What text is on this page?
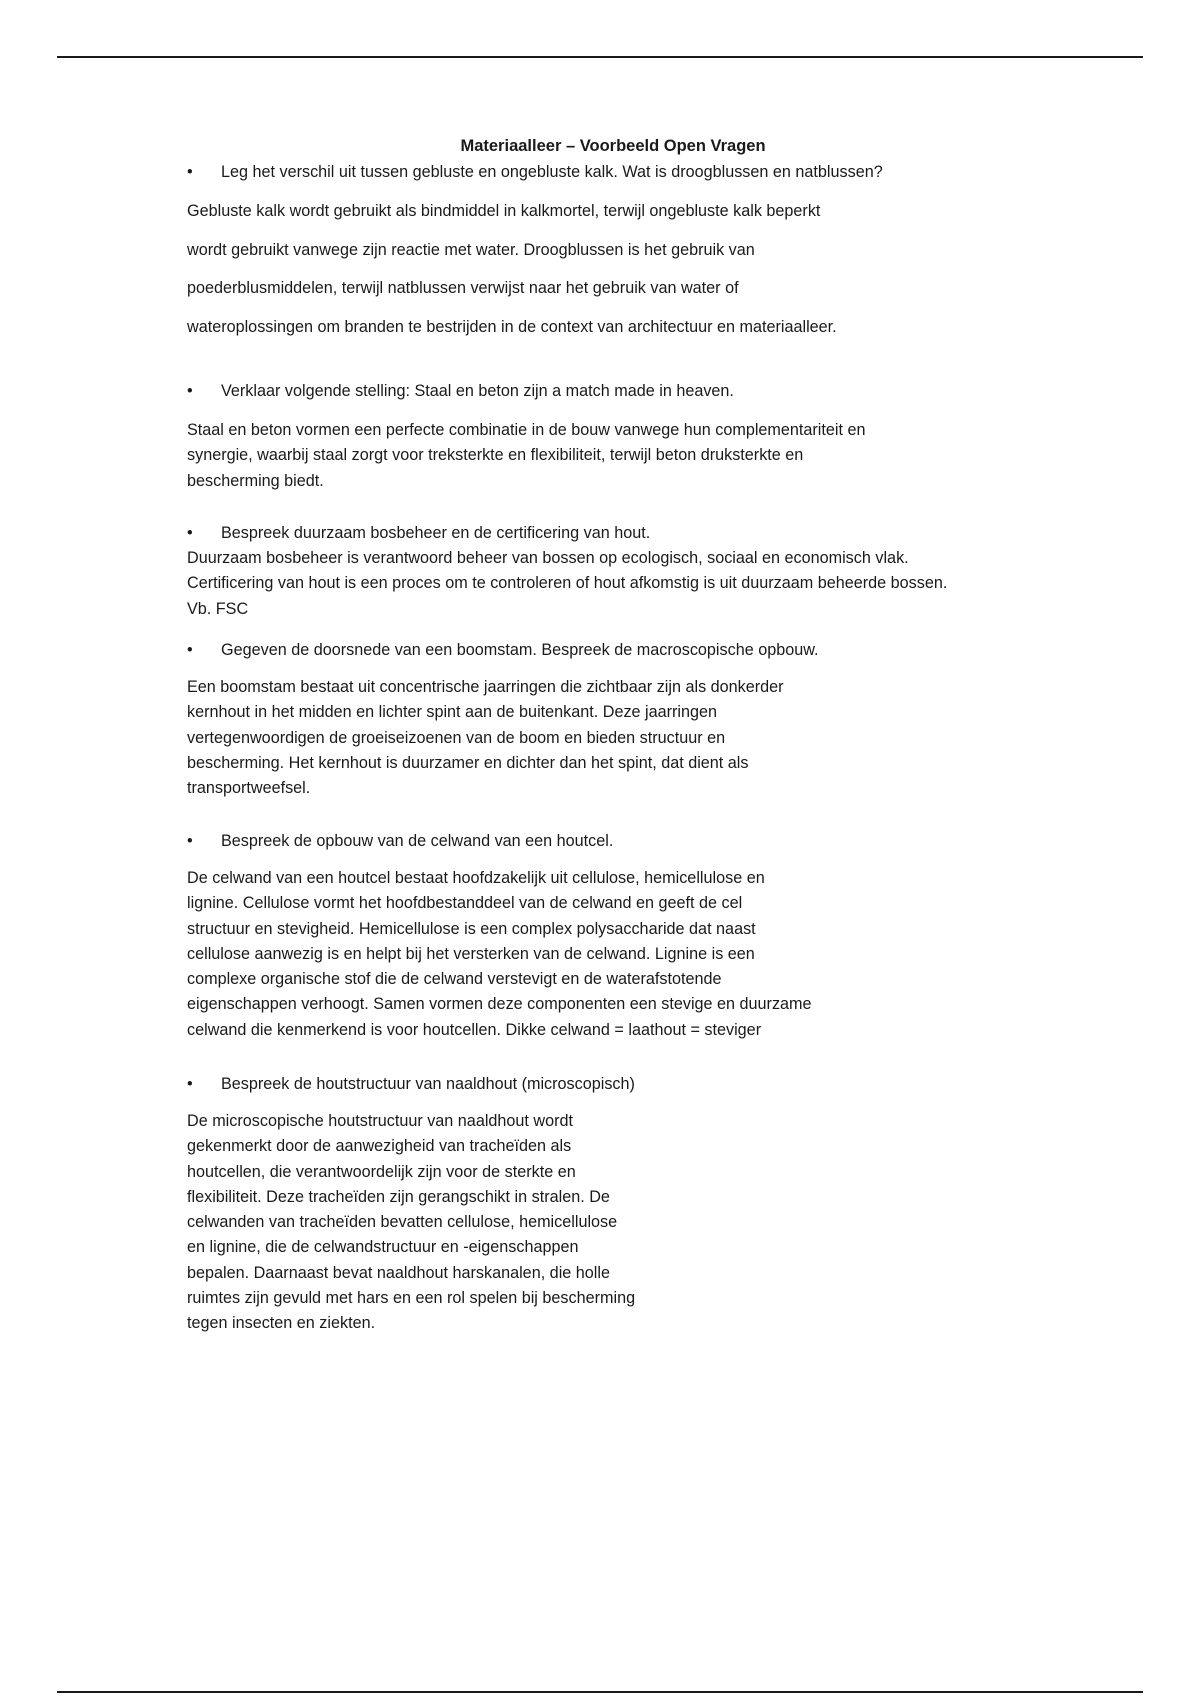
Materiaalleer – Voorbeeld Open Vragen
•	Leg het verschil uit tussen gebluste en ongebluste kalk. Wat is droogblussen en natblussen?

Gebluste kalk wordt gebruikt als bindmiddel in kalkmortel, terwijl ongebluste kalk beperkt
wordt gebruikt vanwege zijn reactie met water. Droogblussen is het gebruik van
poederblusmiddelen, terwijl natblussen verwijst naar het gebruik van water of
wateroplossingen om branden te bestrijden in de context van architectuur en materiaalleer.

•	Verklaar volgende stelling: Staal en beton zijn a match made in heaven.

Staal en beton vormen een perfecte combinatie in de bouw vanwege hun complementariteit en
synergie, waarbij staal zorgt voor treksterkte en flexibiliteit, terwijl beton druksterkte en
bescherming biedt.

•	Bespreek duurzaam bosbeheer en de certificering van hout.

Duurzaam bosbeheer is verantwoord beheer van bossen op ecologisch, sociaal en economisch vlak.
Certificering van hout is een proces om te controleren of hout afkomstig is uit duurzaam beheerde bossen.
Vb. FSC

•	Gegeven de doorsnede van een boomstam. Bespreek de macroscopische opbouw.

Een boomstam bestaat uit concentrische jaarringen die zichtbaar zijn als donkerder
kernhout in het midden en lichter spint aan de buitenkant. Deze jaarringen
vertegenwoordigen de groeiseizoenen van de boom en bieden structuur en
bescherming. Het kernhout is duurzamer en dichter dan het spint, dat dient als
transportweefsel.

•	Bespreek de opbouw van de celwand van een houtcel.

De celwand van een houtcel bestaat hoofdzakelijk uit cellulose, hemicellulose en
lignine. Cellulose vormt het hoofdbestanddeel van de celwand en geeft de cel
structuur en stevigheid. Hemicellulose is een complex polysaccharide dat naast
cellulose aanwezig is en helpt bij het versterken van de celwand. Lignine is een
complexe organische stof die de celwand verstevigt en de waterafstotende
eigenschappen verhoogt. Samen vormen deze componenten een stevige en duurzame
celwand die kenmerkend is voor houtcellen. Dikke celwand = laathout = steviger

•	Bespreek de houtstructuur van naaldhout (microscopisch)

De microscopische houtstructuur van naaldhout wordt
gekenmerkt door de aanwezigheid van tracheïden als
houtcellen, die verantwoordelijk zijn voor de sterkte en
flexibiliteit. Deze tracheïden zijn gerangschikt in stralen. De
celwanden van tracheïden bevatten cellulose, hemicellulose
en lignine, die de celwandstructuur en -eigenschappen
bepalen. Daarnaast bevat naaldhout harskanalen, die holle
ruimtes zijn gevuld met hars en een rol spelen bij bescherming
tegen insecten en ziekten.
